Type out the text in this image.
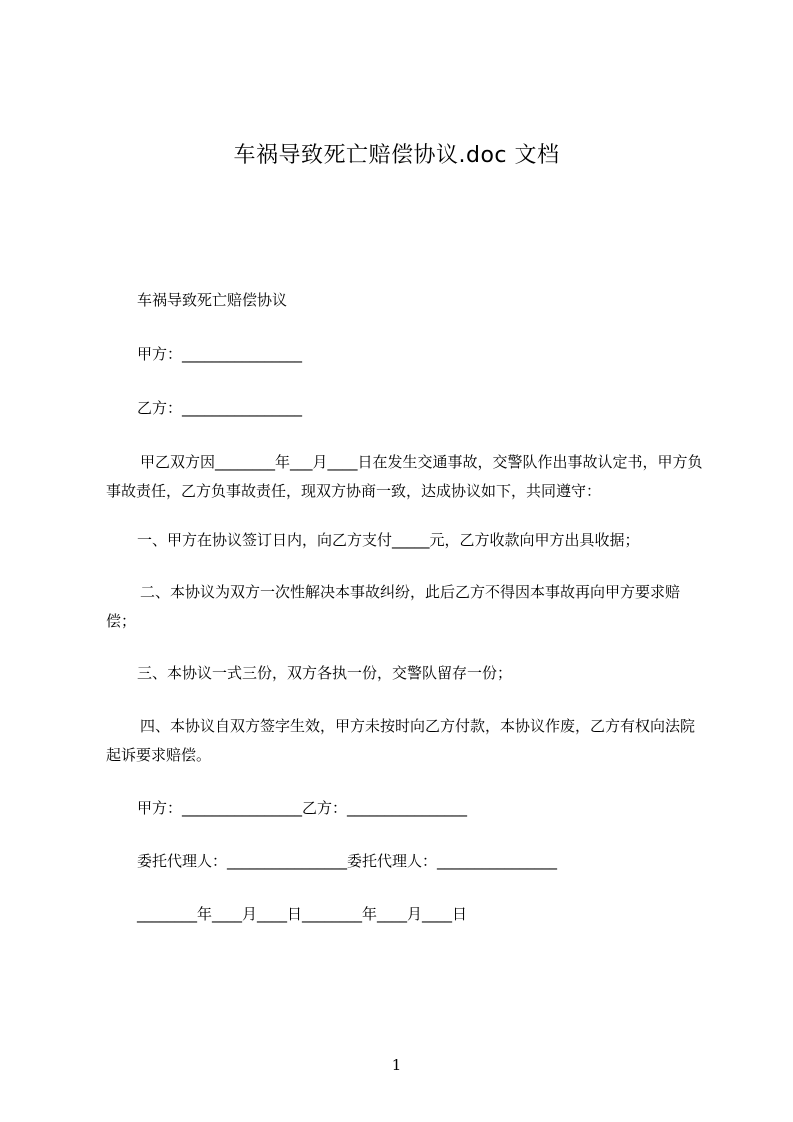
车祸导致死亡赔偿协议.doc 文档
车祸导致死亡赔偿协议
甲方：________________
乙方：________________
甲乙双方因________年___月____日在发生交通事故，交警队作出事故认定书，甲方负事故责任，乙方负事故责任，现双方协商一致，达成协议如下，共同遵守：
一、甲方在协议签订日内，向乙方支付_____元，乙方收款向甲方出具收据；
二、本协议为双方一次性解决本事故纠纷，此后乙方不得因本事故再向甲方要求赔偿；
三、本协议一式三份，双方各执一份，交警队留存一份；
四、本协议自双方签字生效，甲方未按时向乙方付款，本协议作废，乙方有权向法院起诉要求赔偿。
甲方：________________乙方：________________
委托代理人：________________委托代理人：________________
________年____月____日________年____月____日
1
